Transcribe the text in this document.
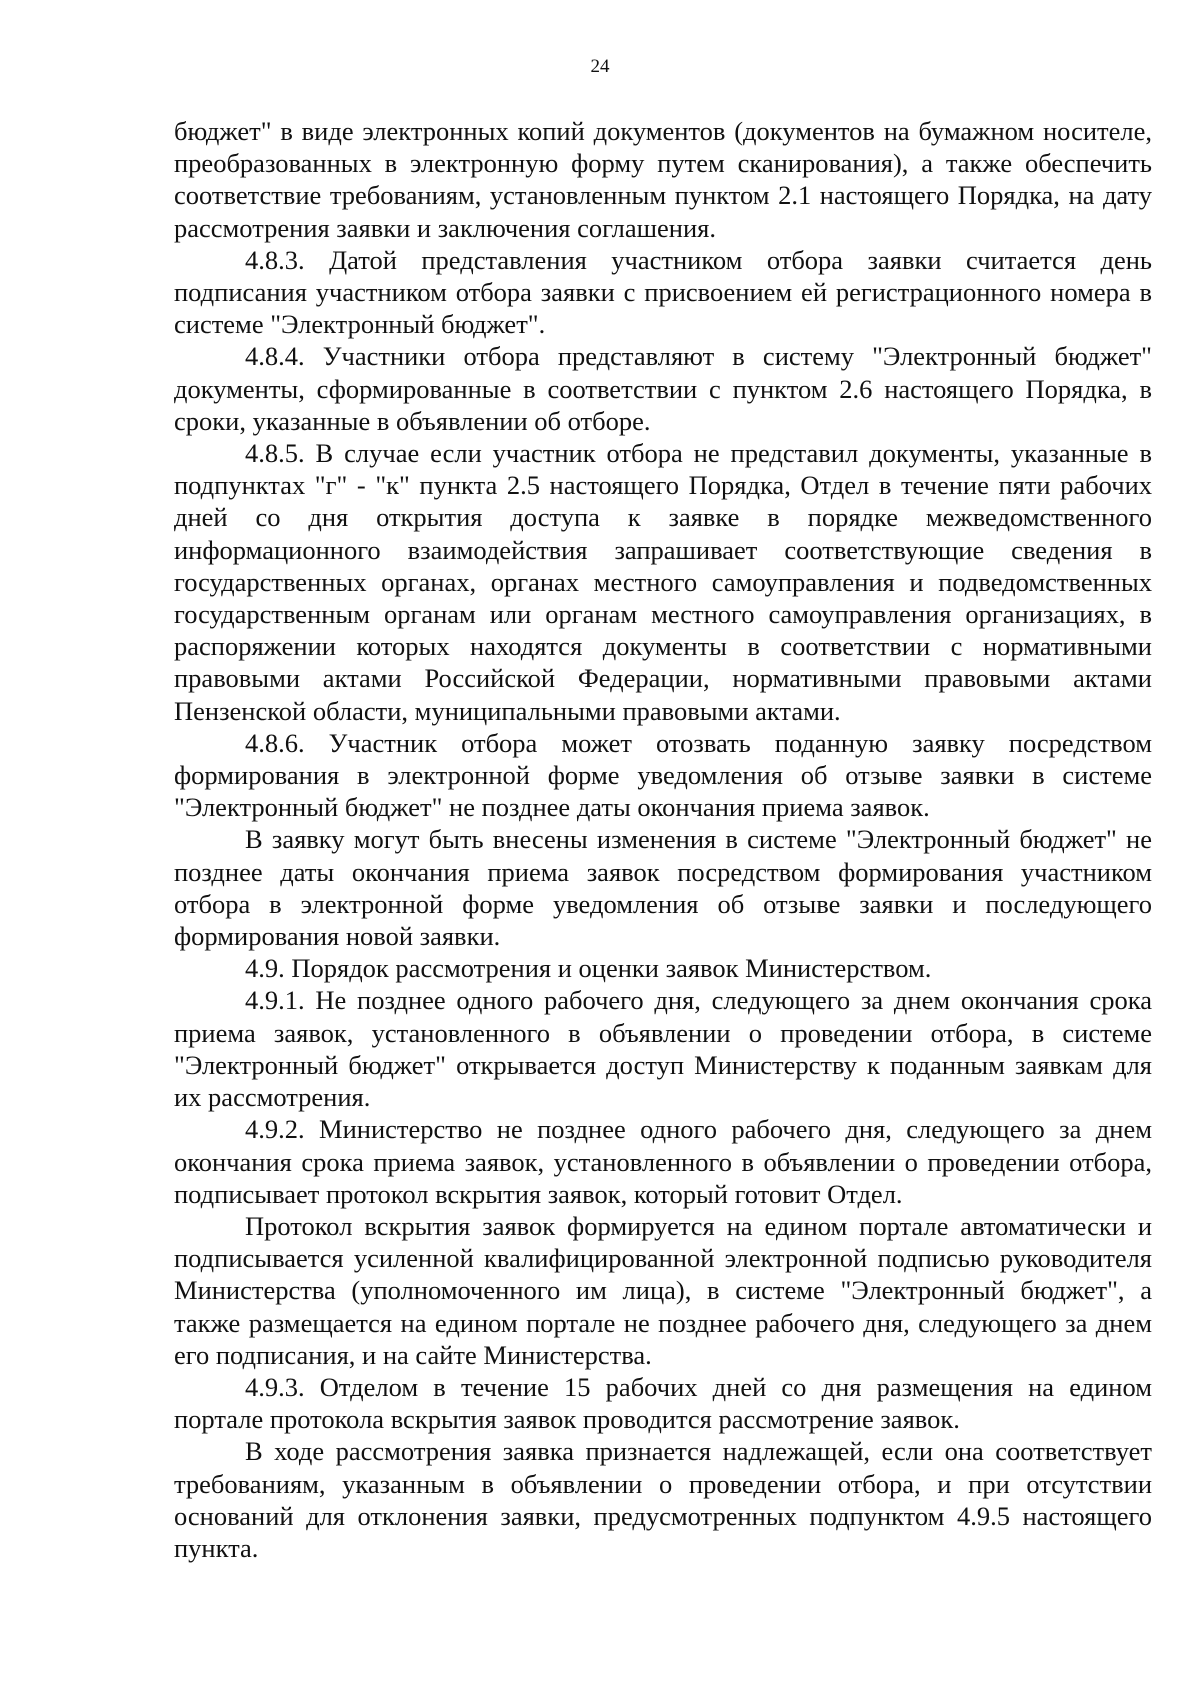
24

бюджет" в виде электронных копий документов (документов на бумажном носителе, преобразованных в электронную форму путем сканирования), а также обеспечить соответствие требованиям, установленным пунктом 2.1 настоящего Порядка, на дату рассмотрения заявки и заключения соглашения.

4.8.3. Датой представления участником отбора заявки считается день подписания участником отбора заявки с присвоением ей регистрационного номера в системе "Электронный бюджет".

4.8.4. Участники отбора представляют в систему "Электронный бюджет" документы, сформированные в соответствии с пунктом 2.6 настоящего Порядка, в сроки, указанные в объявлении об отборе.

4.8.5. В случае если участник отбора не представил документы, указанные в подпунктах "г" - "к" пункта 2.5 настоящего Порядка, Отдел в течение пяти рабочих дней со дня открытия доступа к заявке в порядке межведомственного информационного взаимодействия запрашивает соответствующие сведения в государственных органах, органах местного самоуправления и подведомственных государственным органам или органам местного самоуправления организациях, в распоряжении которых находятся документы в соответствии с нормативными правовыми актами Российской Федерации, нормативными правовыми актами Пензенской области, муниципальными правовыми актами.

4.8.6. Участник отбора может отозвать поданную заявку посредством формирования в электронной форме уведомления об отзыве заявки в системе "Электронный бюджет" не позднее даты окончания приема заявок.

В заявку могут быть внесены изменения в системе "Электронный бюджет" не позднее даты окончания приема заявок посредством формирования участником отбора в электронной форме уведомления об отзыве заявки и последующего формирования новой заявки.

4.9. Порядок рассмотрения и оценки заявок Министерством.

4.9.1. Не позднее одного рабочего дня, следующего за днем окончания срока приема заявок, установленного в объявлении о проведении отбора, в системе "Электронный бюджет" открывается доступ Министерству к поданным заявкам для их рассмотрения.

4.9.2. Министерство не позднее одного рабочего дня, следующего за днем окончания срока приема заявок, установленного в объявлении о проведении отбора, подписывает протокол вскрытия заявок, который готовит Отдел.

Протокол вскрытия заявок формируется на едином портале автоматически и подписывается усиленной квалифицированной электронной подписью руководителя Министерства (уполномоченного им лица), в системе "Электронный бюджет", а также размещается на едином портале не позднее рабочего дня, следующего за днем его подписания, и на сайте Министерства.

4.9.3. Отделом в течение 15 рабочих дней со дня размещения на едином портале протокола вскрытия заявок проводится рассмотрение заявок.

В ходе рассмотрения заявка признается надлежащей, если она соответствует требованиям, указанным в объявлении о проведении отбора, и при отсутствии оснований для отклонения заявки, предусмотренных подпунктом 4.9.5 настоящего пункта.
